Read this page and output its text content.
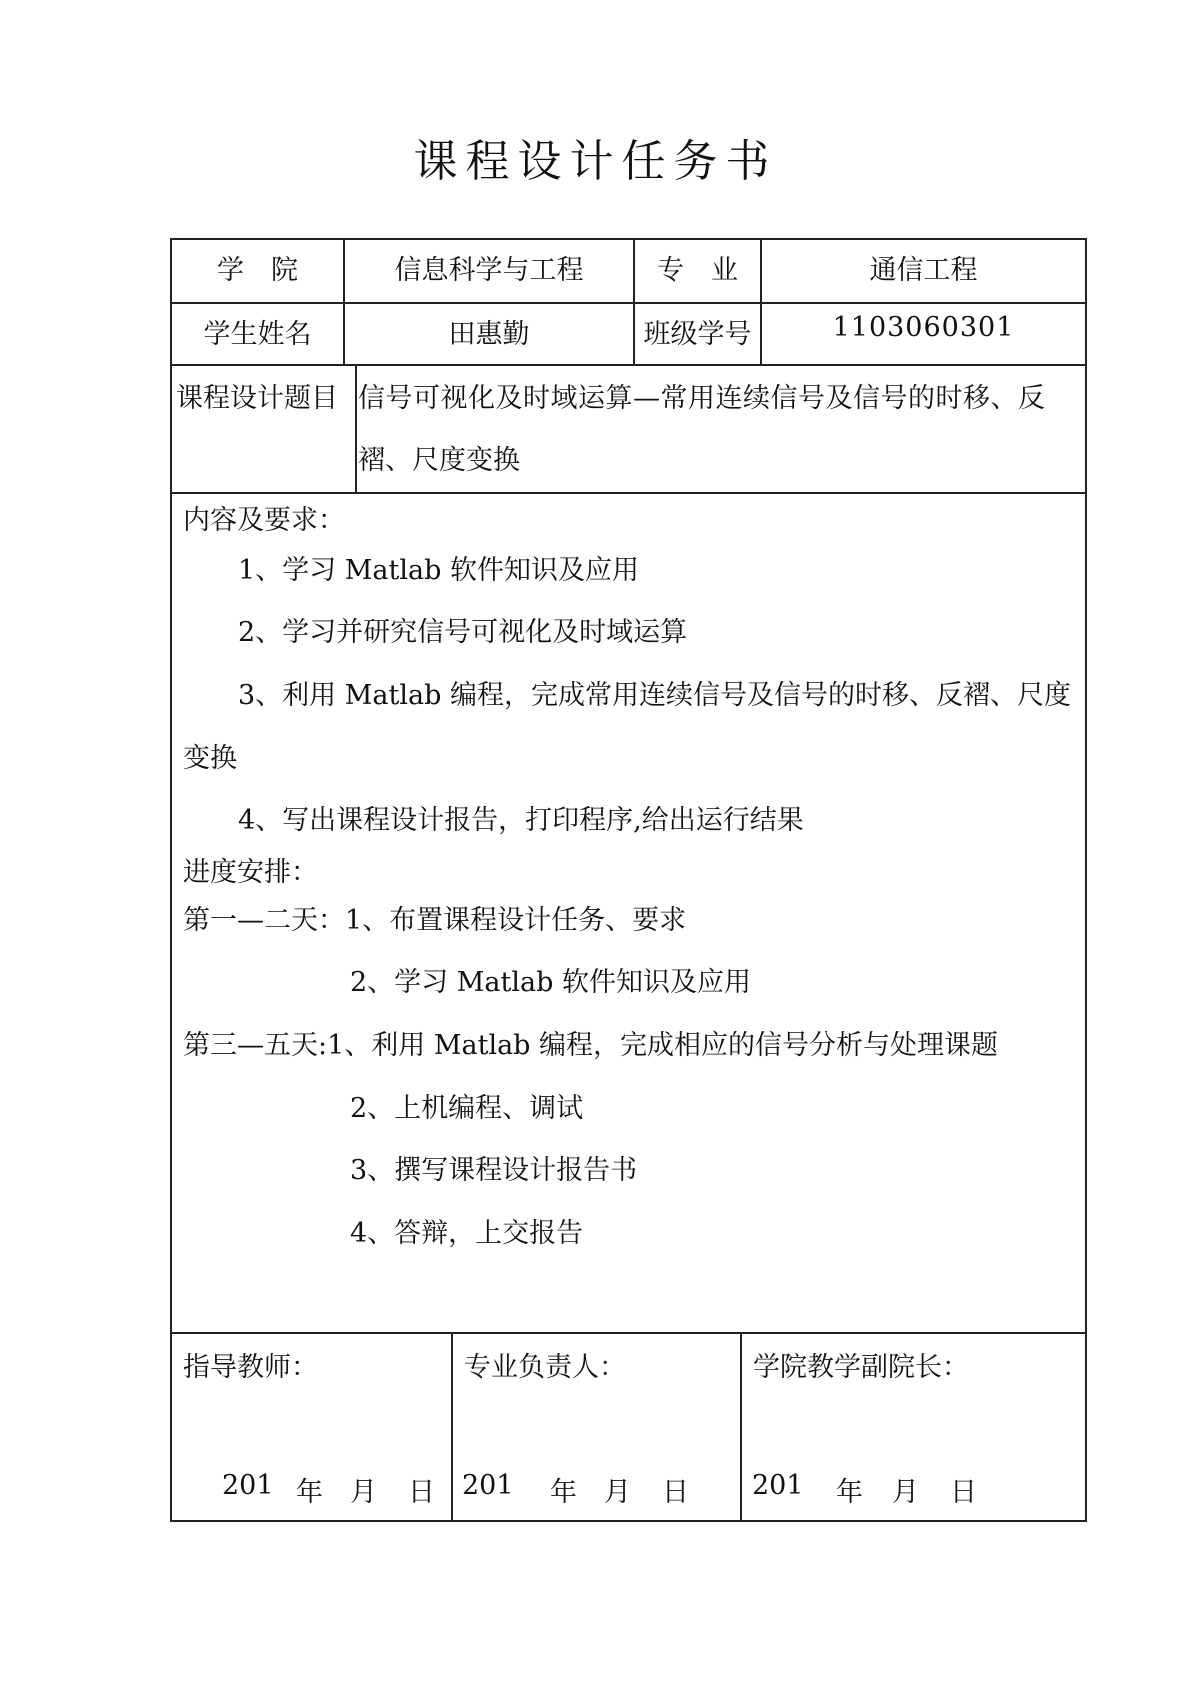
课程设计任务书
学　院	信息科学与工程	专　业	通信工程
学生姓名	田惠勤	班级学号	1103060301
课程设计题目 信号可视化及时域运算—常用连续信号及信号的时移、反
褶、尺度变换
内容及要求：
1、学习 Matlab 软件知识及应用
2、学习并研究信号可视化及时域运算
3、利用 Matlab 编程，完成常用连续信号及信号的时移、反褶、尺度
变换
4、写出课程设计报告，打印程序,给出运行结果
进度安排：
第一—二天：1、布置课程设计任务、要求
2、学习 Matlab 软件知识及应用
第三—五天:1、利用 Matlab 编程，完成相应的信号分析与处理课题
2、上机编程、调试
3、撰写课程设计报告书
4、答辩，上交报告
指导教师：	专业负责人：	学院教学副院长：
201 年 月 日 201 年 月 日 201 年 月 日
